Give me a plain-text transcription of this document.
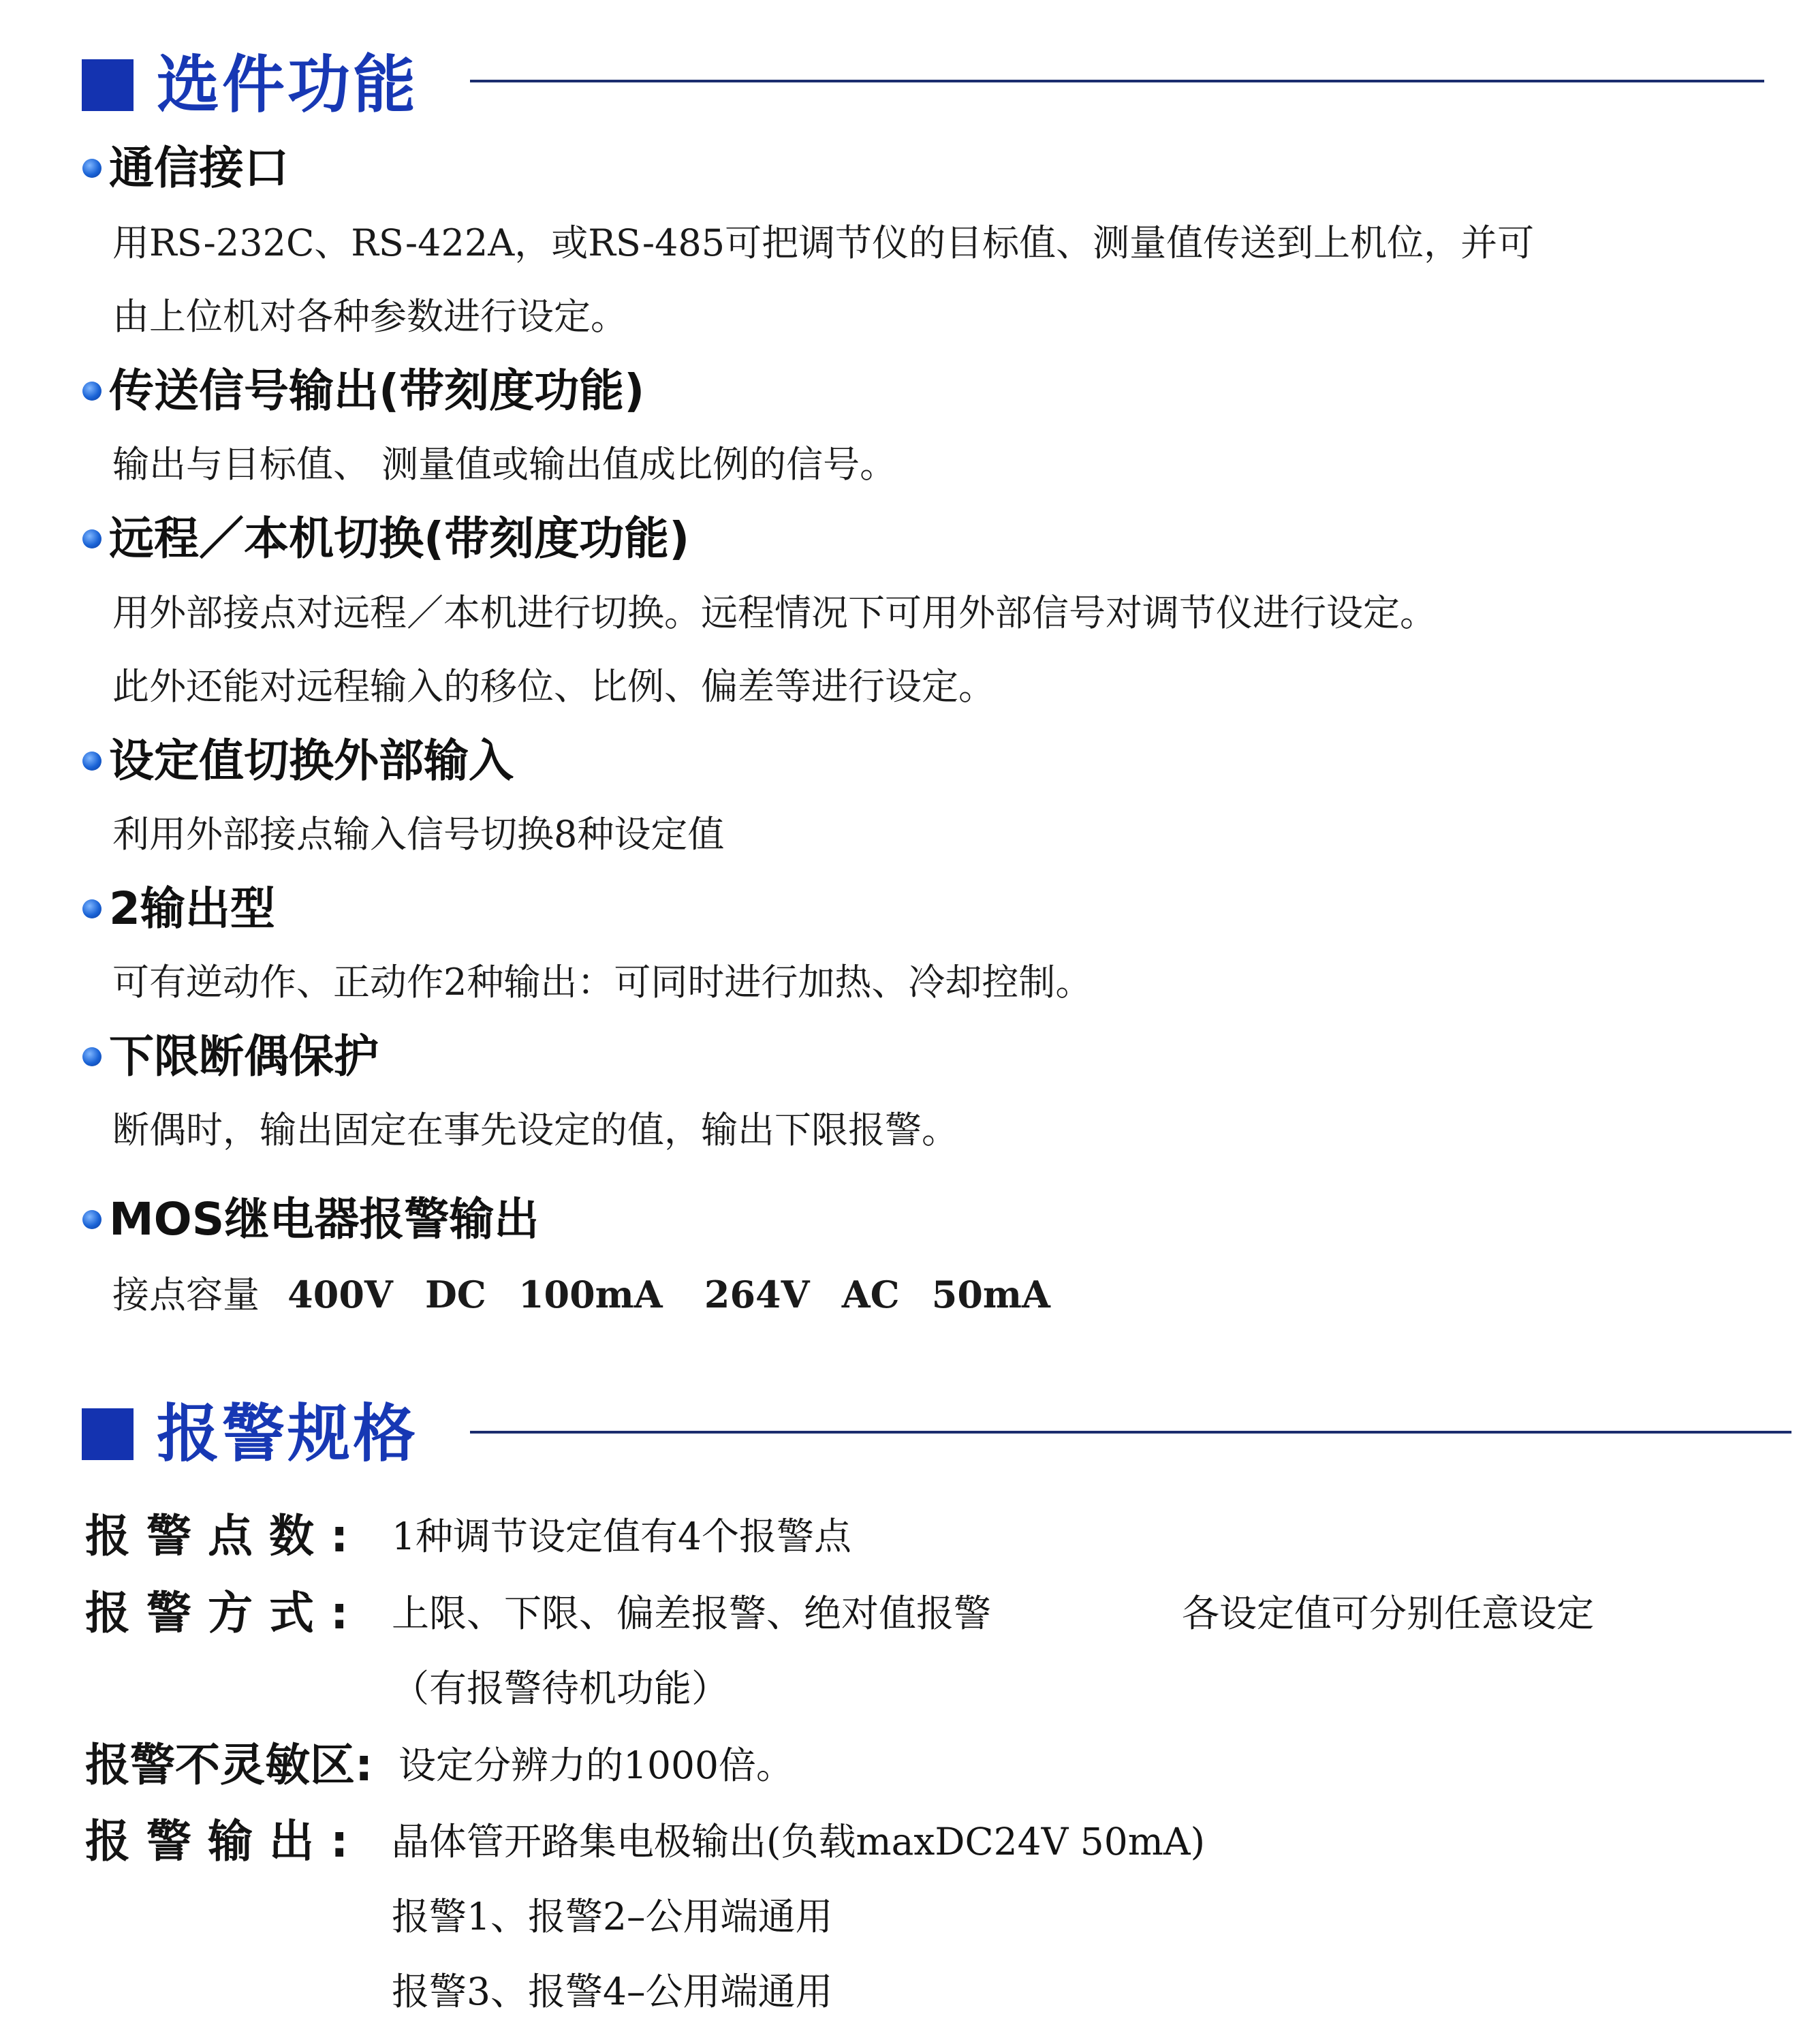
选件功能
通信接口
用RS-232C、RS-422A，或RS-485可把调节仪的目标值、测量值传送到上机位，并可
由上位机对各种参数进行设定。
传送信号输出(带刻度功能)
输出与目标值、 测量值或输出值成比例的信号。
远程／本机切换(带刻度功能)
用外部接点对远程／本机进行切换。远程情况下可用外部信号对调节仪进行设定。
此外还能对远程输入的移位、比例、偏差等进行设定。
设定值切换外部输入
利用外部接点输入信号切换8种设定值
2输出型
可有逆动作、正动作2种输出：可同时进行加热、冷却控制。
下限断偶保护
断偶时，输出固定在事先设定的值，输出下限报警。
MOS继电器报警输出
接点容量 400V DC 100mA 264V AC 50mA
报警规格
报警点数: 1种调节设定值有4个报警点
报警方式: 上限、下限、偏差报警、绝对值报警	各设定值可分别任意设定
（有报警待机功能）
报警不灵敏区: 设定分辨力的1000倍。
报警输出: 晶体管开路集电极输出(负载maxDC24V 50mA)
报警1、报警2–公用端通用
报警3、报警4–公用端通用
